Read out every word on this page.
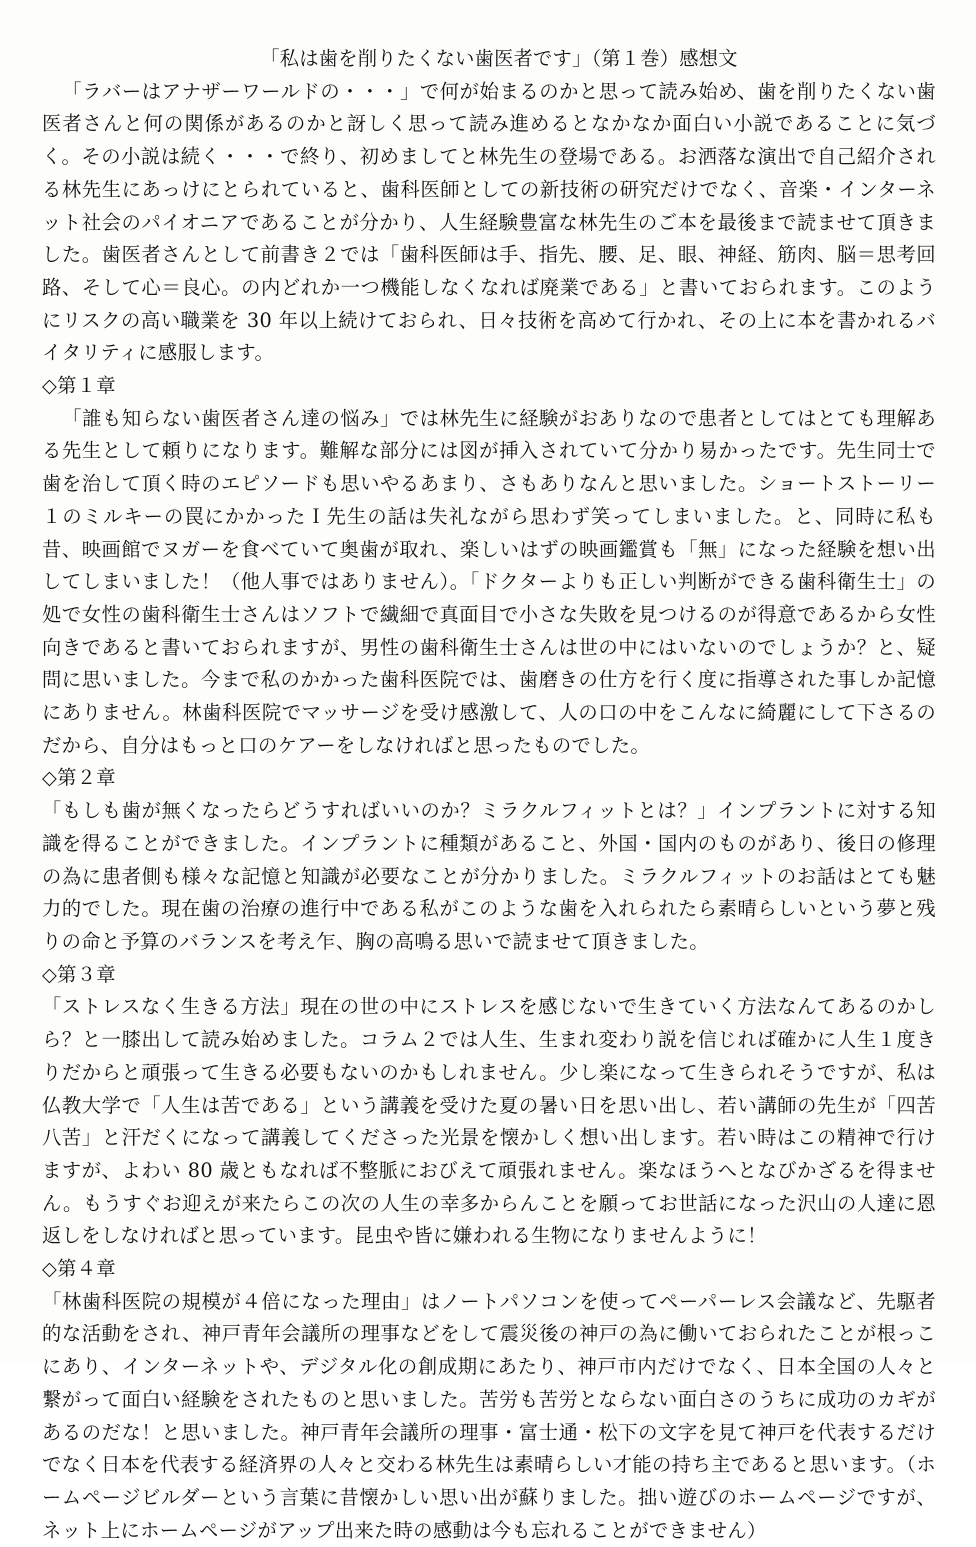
「私は歯を削りたくない歯医者です」（第１巻）感想文

「ラバーはアナザーワールドの・・・」で何が始まるのかと思って読み始め、歯を削りたくない歯医者さんと何の関係があるのかと訝しく思って読み進めるとなかなか面白い小説であることに気づく。その小説は続く・・・で終り、初めましてと林先生の登場である。お洒落な演出で自己紹介される林先生にあっけにとられていると、歯科医師としての新技術の研究だけでなく、音楽・インターネット社会のパイオニアであることが分かり、人生経験豊富な林先生のご本を最後まで読ませて頂きました。歯医者さんとして前書き２では「歯科医師は手、指先、腰、足、眼、神経、筋肉、脳＝思考回路、そして心＝良心。の内どれか一つ機能しなくなれば廃業である」と書いておられます。このようにリスクの高い職業を 30 年以上続けておられ、日々技術を高めて行かれ、その上に本を書かれるバイタリティに感服します。

◇第１章

「誰も知らない歯医者さん達の悩み」では林先生に経験がおありなので患者としてはとても理解ある先生として頼りになります。難解な部分には図が挿入されていて分かり易かったです。先生同士で歯を治して頂く時のエピソードも思いやるあまり、さもありなんと思いました。ショートストーリー１のミルキーの罠にかかったＩ先生の話は失礼ながら思わず笑ってしまいました。と、同時に私も昔、映画館でヌガーを食べていて奥歯が取れ、楽しいはずの映画鑑賞も「無」になった経験を想い出してしまいました！（他人事ではありません）。「ドクターよりも正しい判断ができる歯科衛生士」の処で女性の歯科衛生士さんはソフトで繊細で真面目で小さな失敗を見つけるのが得意であるから女性向きであると書いておられますが、男性の歯科衛生士さんは世の中にはいないのでしょうか？と、疑問に思いました。今まで私のかかった歯科医院では、歯磨きの仕方を行く度に指導された事しか記憶にありません。林歯科医院でマッサージを受け感激して、人の口の中をこんなに綺麗にして下さるのだから、自分はもっと口のケアーをしなければと思ったものでした。

◇第２章

「もしも歯が無くなったらどうすればいいのか？ミラクルフィットとは？」インプラントに対する知識を得ることができました。インプラントに種類があること、外国・国内のものがあり、後日の修理の為に患者側も様々な記憶と知識が必要なことが分かりました。ミラクルフィットのお話はとても魅力的でした。現在歯の治療の進行中である私がこのような歯を入れられたら素晴らしいという夢と残りの命と予算のバランスを考え乍、胸の高鳴る思いで読ませて頂きました。

◇第３章

「ストレスなく生きる方法」現在の世の中にストレスを感じないで生きていく方法なんてあるのかしら？と一膝出して読み始めました。コラム２では人生、生まれ変わり説を信じれば確かに人生１度きりだからと頑張って生きる必要もないのかもしれません。少し楽になって生きられそうですが、私は仏教大学で「人生は苦である」という講義を受けた夏の暑い日を思い出し、若い講師の先生が「四苦八苦」と汗だくになって講義してくださった光景を懐かしく想い出します。若い時はこの精神で行けますが、よわい 80 歳ともなれば不整脈におびえて頑張れません。楽なほうへとなびかざるを得ません。もうすぐお迎えが来たらこの次の人生の幸多からんことを願ってお世話になった沢山の人達に恩返しをしなければと思っています。昆虫や皆に嫌われる生物になりませんように！

◇第４章

「林歯科医院の規模が４倍になった理由」はノートパソコンを使ってペーパーレス会議など、先駆者的な活動をされ、神戸青年会議所の理事などをして震災後の神戸の為に働いておられたことが根っこにあり、インターネットや、デジタル化の創成期にあたり、神戸市内だけでなく、日本全国の人々と繋がって面白い経験をされたものと思いました。苦労も苦労とならない面白さのうちに成功のカギがあるのだな！と思いました。神戸青年会議所の理事・富士通・松下の文字を見て神戸を代表するだけでなく日本を代表する経済界の人々と交わる林先生は素晴らしい才能の持ち主であると思います。（ホームページビルダーという言葉に昔懐かしい思い出が蘇りました。拙い遊びのホームページですが、ネット上にホームページがアップ出来た時の感動は今も忘れることができません）
